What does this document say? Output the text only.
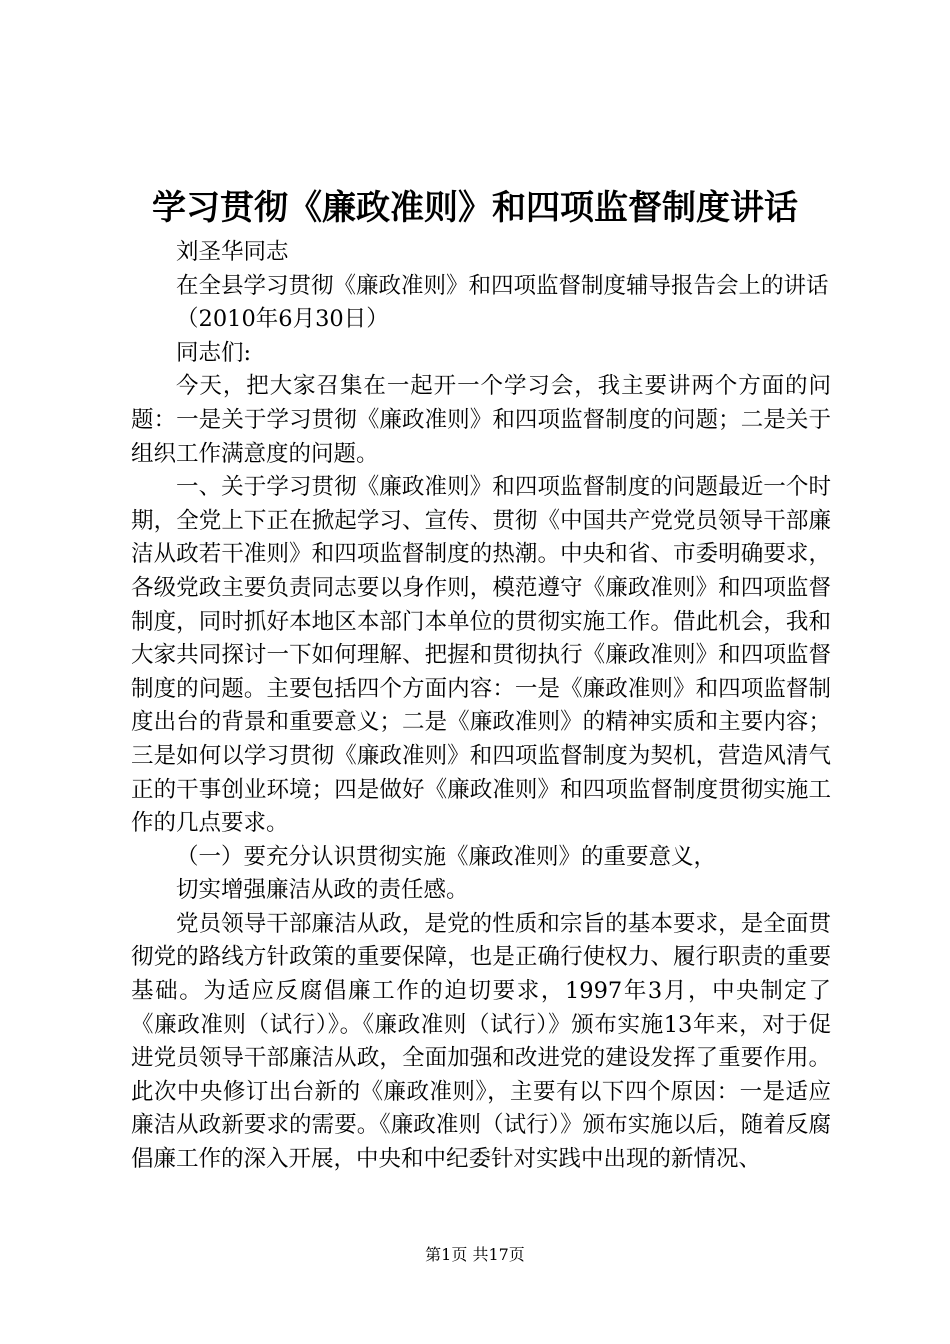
学习贯彻《廉政准则》和四项监督制度讲话

刘圣华同志

在全县学习贯彻《廉政准则》和四项监督制度辅导报告会上的讲话

（2010年6月30日）

同志们:

今天，把大家召集在一起开一个学习会，我主要讲两个方面的问题：一是关于学习贯彻《廉政准则》和四项监督制度的问题；二是关于组织工作满意度的问题。

一、关于学习贯彻《廉政准则》和四项监督制度的问题最近一个时期，全党上下正在掀起学习、宣传、贯彻《中国共产党党员领导干部廉洁从政若干准则》和四项监督制度的热潮。中央和省、市委明确要求，各级党政主要负责同志要以身作则，模范遵守《廉政准则》和四项监督制度，同时抓好本地区本部门本单位的贯彻实施工作。借此机会，我和大家共同探讨一下如何理解、把握和贯彻执行《廉政准则》和四项监督制度的问题。主要包括四个方面内容：一是《廉政准则》和四项监督制度出台的背景和重要意义；二是《廉政准则》的精神实质和主要内容；三是如何以学习贯彻《廉政准则》和四项监督制度为契机，营造风清气正的干事创业环境；四是做好《廉政准则》和四项监督制度贯彻实施工作的几点要求。

（一）要充分认识贯彻实施《廉政准则》的重要意义，

切实增强廉洁从政的责任感。

党员领导干部廉洁从政，是党的性质和宗旨的基本要求，是全面贯彻党的路线方针政策的重要保障，也是正确行使权力、履行职责的重要基础。为适应反腐倡廉工作的迫切要求，1997年3月，中央制定了《廉政准则（试行）》。《廉政准则（试行）》颁布实施13年来，对于促进党员领导干部廉洁从政，全面加强和改进党的建设发挥了重要作用。此次中央修订出台新的《廉政准则》，主要有以下四个原因：一是适应廉洁从政新要求的需要。《廉政准则（试行）》颁布实施以后，随着反腐倡廉工作的深入开展，中央和中纪委针对实践中出现的新情况、

第1页 共17页
